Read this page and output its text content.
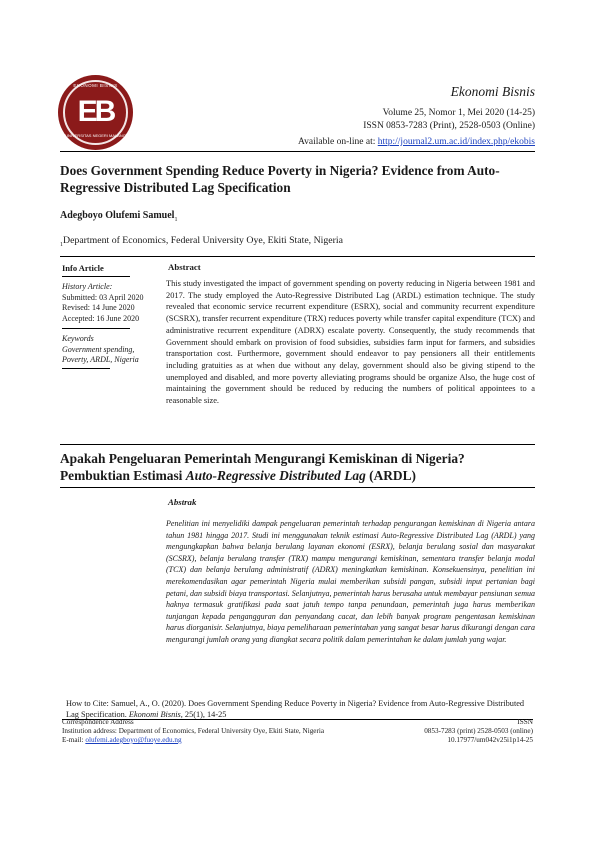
EKONOMI BISNIS
EB
UNIVERSITAS NEGERI MALANG
Ekonomi Bisnis
Volume 25, Nomor 1, Mei 2020 (14-25)
ISSN 0853-7283 (Print), 2528-0503 (Online)
Available on-line at: http://journal2.um.ac.id/index.php/ekobis
Does Government Spending Reduce Poverty in Nigeria? Evidence from Auto-
Regressive Distributed Lag Specification
Adegboyo Olufemi Samuel$_1$
$_1$Department of Economics, Federal University Oye, Ekiti State, Nigeria
Info Article
History Article:
Submitted: 03 April 2020
Revised: 14 June 2020
Accepted: 16 June 2020
Keywords
Government spending,
Poverty, ARDL, Nigeria
Abstract
This study investigated the impact of government spending on poverty reducing in Nigeria between 1981 and 2017. The study employed the Auto-Regressive Distributed Lag (ARDL) estimation technique. The study revealed that economic service recurrent expenditure (ESRX), social and community recurrent expenditure (SCSRX), transfer recurrent expenditure (TRX) reduces poverty while transfer capital expenditure (TCX) and administrative recurrent expenditure (ADRX) escalate poverty. Consequently, the study recommends that Government should embark on provision of food subsidies, subsidies farm input for farmers, and subsidies transportation cost. Furthermore, government should endeavor to pay pensioners all their entitlements including gratuities as at when due without any delay, government should also be giving stipend to the unemployed and disabled, and more poverty alleviating programs should be organize Also, the huge cost of maintaining the government should be reduced by reducing the numbers of political appointees to a reasonable size.
Apakah Pengeluaran Pemerintah Mengurangi Kemiskinan di Nigeria?
Pembuktian Estimasi Auto-Regressive Distributed Lag (ARDL)
Abstrak
Penelitian ini menyelidiki dampak pengeluaran pemerintah terhadap pengurangan kemiskinan di Nigeria antara tahun 1981 hingga 2017. Studi ini menggunakan teknik estimasi Auto-Regressive Distributed Lag (ARDL) yang mengungkapkan bahwa belanja berulang layanan ekonomi (ESRX), belanja berulang sosial dan masyarakat (SCSRX), belanja berulang transfer (TRX) mampu mengurangi kemiskinan, sementara transfer belanja modal (TCX) dan belanja berulang administratif (ADRX) meningkatkan kemiskinan. Konsekuensinya, penelitian ini merekomendasikan agar pemerintah Nigeria mulai memberikan subsidi pangan, subsidi input pertanian bagi petani, dan subsidi biaya transportasi. Selanjutnya, pemerintah harus berusaha untuk membayar pensiunan semua haknya termasuk gratifikasi pada saat jatuh tempo tanpa penundaan, pemerintah juga harus memberikan tunjangan kepada pengangguran dan penyandang cacat, dan lebih banyak program pengentasan kemiskinan harus diorganisir. Selanjutnya, biaya pemeliharaan pemerintahan yang sangat besar harus dikurangi dengan cara mengurangi jumlah orang yang diangkat secara politik dalam pemerintahan ke dalam jumlah yang wajar.
How to Cite: Samuel, A., O. (2020). Does Government Spending Reduce Poverty in Nigeria? Evidence from Auto-Regressive Distributed Lag Specification. Ekonomi Bisnis, 25(1), 14-25
Correspondence Address
Institution address: Department of Economics, Federal University Oye, Ekiti State, Nigeria
E-mail: olufemi.adegboyo@fuoye.edu.ng
ISSN
0853-7283 (print) 2528-0503 (online)
10.17977/um042v25i1p14-25
